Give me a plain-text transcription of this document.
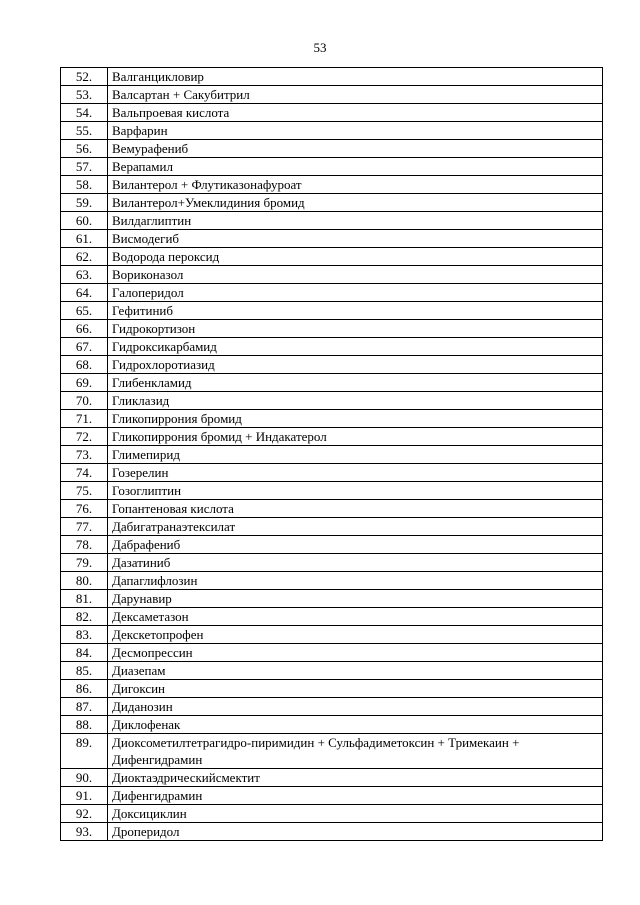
53
52.	Валганцикловир
53.	Валсартан + Сакубитрил
54.	Вальпроевая кислота
55.	Варфарин
56.	Вемурафениб
57.	Верапамил
58.	Вилантерол + Флутиказонафуроат
59.	Вилантерол+Умеклидиния бромид
60.	Вилдаглиптин
61.	Висмодегиб
62.	Водорода пероксид
63.	Вориконазол
64.	Галоперидол
65.	Гефитиниб
66.	Гидрокортизон
67.	Гидроксикарбамид
68.	Гидрохлоротиазид
69.	Глибенкламид
70.	Гликлазид
71.	Гликопиррония бромид
72.	Гликопиррония бромид + Индакатерол
73.	Глимепирид
74.	Гозерелин
75.	Гозоглиптин
76.	Гопантеновая кислота
77.	Дабигатранаэтексилат
78.	Дабрафениб
79.	Дазатиниб
80.	Дапаглифлозин
81.	Дарунавир
82.	Дексаметазон
83.	Декскетопрофен
84.	Десмопрессин
85.	Диазепам
86.	Дигоксин
87.	Диданозин
88.	Диклофенак
89.	Диоксометилтетрагидро-пиримидин + Сульфадиметоксин + Тримекаин + Дифенгидрамин
90.	Диоктаэдрическийсмектит
91.	Дифенгидрамин
92.	Доксициклин
93.	Дроперидол
